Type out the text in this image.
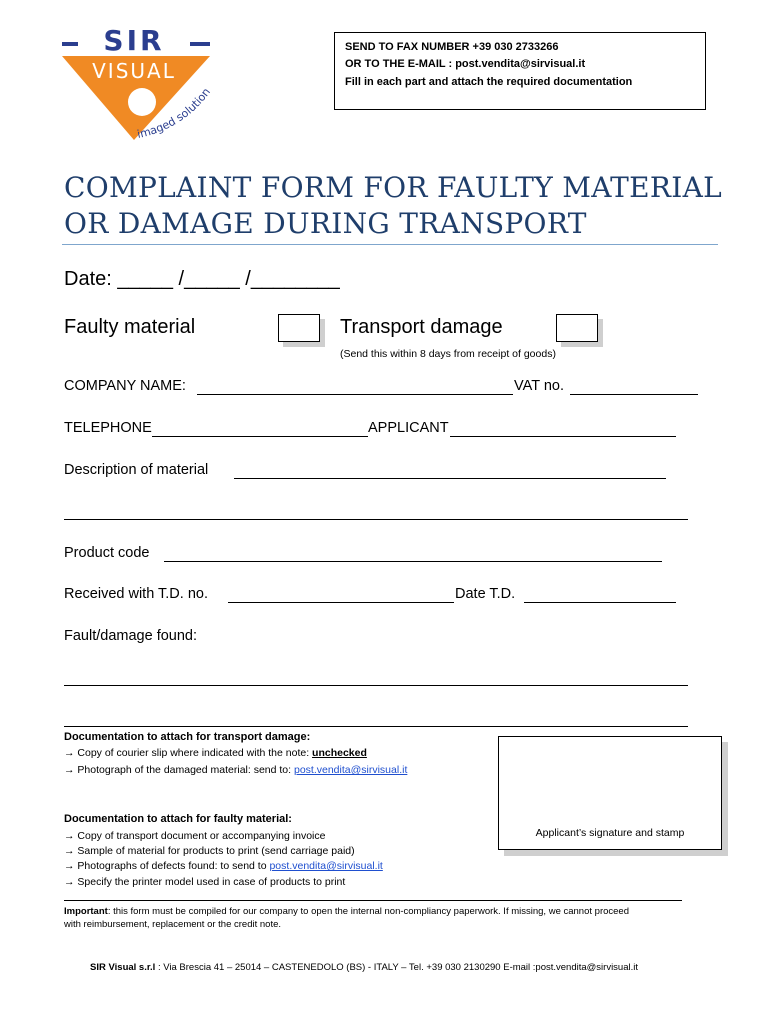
SIR
VISUAL
imaged solution
SEND TO FAX NUMBER +39 030 2733266
OR TO THE E-MAIL : post.vendita@sirvisual.it
Fill in each part and attach the required documentation
COMPLAINT FORM FOR FAULTY MATERIAL
OR DAMAGE DURING TRANSPORT
Date: _____ /_____ /________
Faulty material	Transport damage
(Send this within 8 days from receipt of goods)
COMPANY NAME:	VAT no.
TELEPHONE	APPLICANT
Description of material
Product code
Received with T.D. no.	Date T.D.
Fault/damage found:
Documentation to attach for transport damage:
→ Copy of courier slip where indicated with the note: unchecked
→ Photograph of the damaged material: send to: post.vendita@sirvisual.it
Applicant’s signature and stamp
Documentation to attach for faulty material:
→ Copy of transport document or accompanying invoice
→ Sample of material for products to print (send carriage paid)
→ Photographs of defects found: to send to post.vendita@sirvisual.it
→ Specify the printer model used in case of products to print
Important: this form must be compiled for our company to open the internal non-compliancy paperwork. If missing, we cannot proceed
with reimbursement, replacement or the credit note.
SIR Visual s.r.l : Via Brescia 41 – 25014 – CASTENEDOLO (BS) - ITALY – Tel. +39 030 2130290 E-mail :post.vendita@sirvisual.it
